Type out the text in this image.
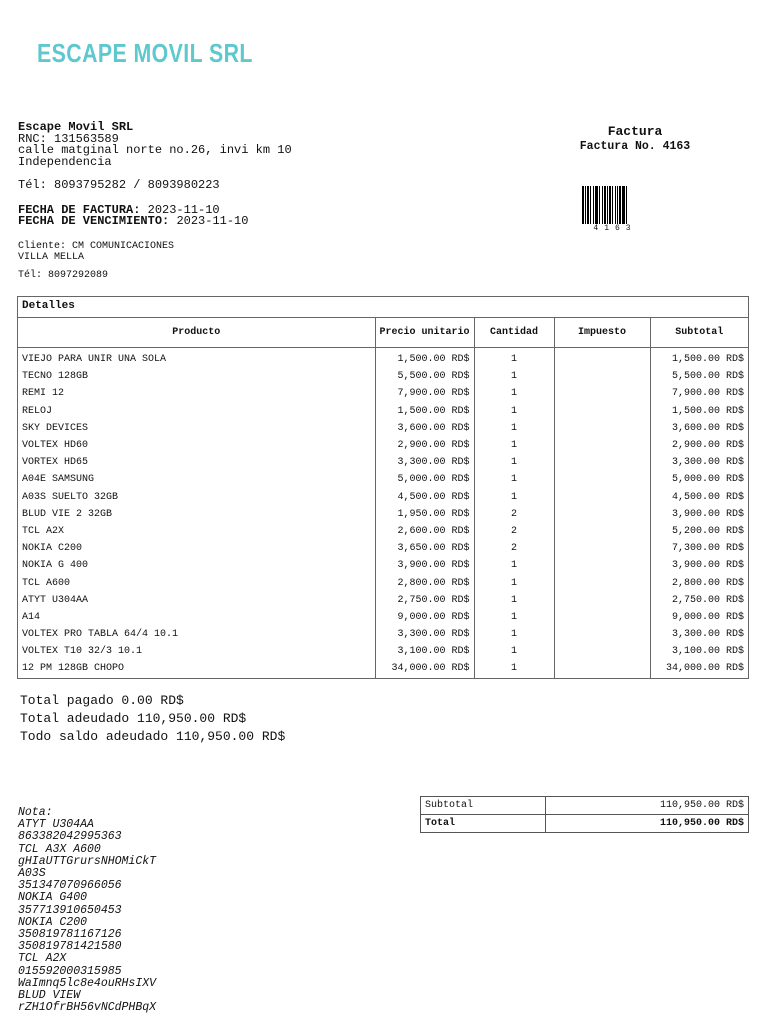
ESCAPE MOVIL SRL
Escape Movil SRL
RNC: 131563589
calle matginal norte no.26, invi km 10
Independencia
Tél: 8093795282 / 8093980223
FECHA DE FACTURA: 2023-11-10
FECHA DE VENCIMIENTO: 2023-11-10
Cliente: CM COMUNICACIONES
VILLA MELLA
Tél: 8097292089
Factura
Factura No. 4163
4163
Detalles
Producto	Precio unitario	Cantidad	Impuesto	Subtotal
VIEJO PARA UNIR UNA SOLA	1,500.00 RD$	1		1,500.00 RD$
TECNO 128GB	5,500.00 RD$	1		5,500.00 RD$
REMI 12	7,900.00 RD$	1		7,900.00 RD$
RELOJ	1,500.00 RD$	1		1,500.00 RD$
SKY DEVICES	3,600.00 RD$	1		3,600.00 RD$
VOLTEX HD60	2,900.00 RD$	1		2,900.00 RD$
VORTEX HD65	3,300.00 RD$	1		3,300.00 RD$
A04E SAMSUNG	5,000.00 RD$	1		5,000.00 RD$
A03S SUELTO 32GB	4,500.00 RD$	1		4,500.00 RD$
BLUD VIE 2 32GB	1,950.00 RD$	2		3,900.00 RD$
TCL A2X	2,600.00 RD$	2		5,200.00 RD$
NOKIA C200	3,650.00 RD$	2		7,300.00 RD$
NOKIA G 400	3,900.00 RD$	1		3,900.00 RD$
TCL A600	2,800.00 RD$	1		2,800.00 RD$
ATYT U304AA	2,750.00 RD$	1		2,750.00 RD$
A14	9,000.00 RD$	1		9,000.00 RD$
VOLTEX PRO TABLA 64/4 10.1	3,300.00 RD$	1		3,300.00 RD$
VOLTEX T10 32/3 10.1	3,100.00 RD$	1		3,100.00 RD$
12 PM 128GB CHOPO	34,000.00 RD$	1		34,000.00 RD$
Total pagado 0.00 RD$
Total adeudado 110,950.00 RD$
Todo saldo adeudado 110,950.00 RD$
Subtotal	110,950.00 RD$
Total	110,950.00 RD$
Nota:
ATYT U304AA
863382042995363
TCL A3X A600
gHIaUTTGrursNHOMiCkT
A03S
351347070966056
NOKIA G400
357713910650453
NOKIA C200
350819781167126
350819781421580
TCL A2X
015592000315985
WaImnq5lc8e4ouRHsIXV
BLUD VIEW
rZH1OfrBH56vNCdPHBqX
